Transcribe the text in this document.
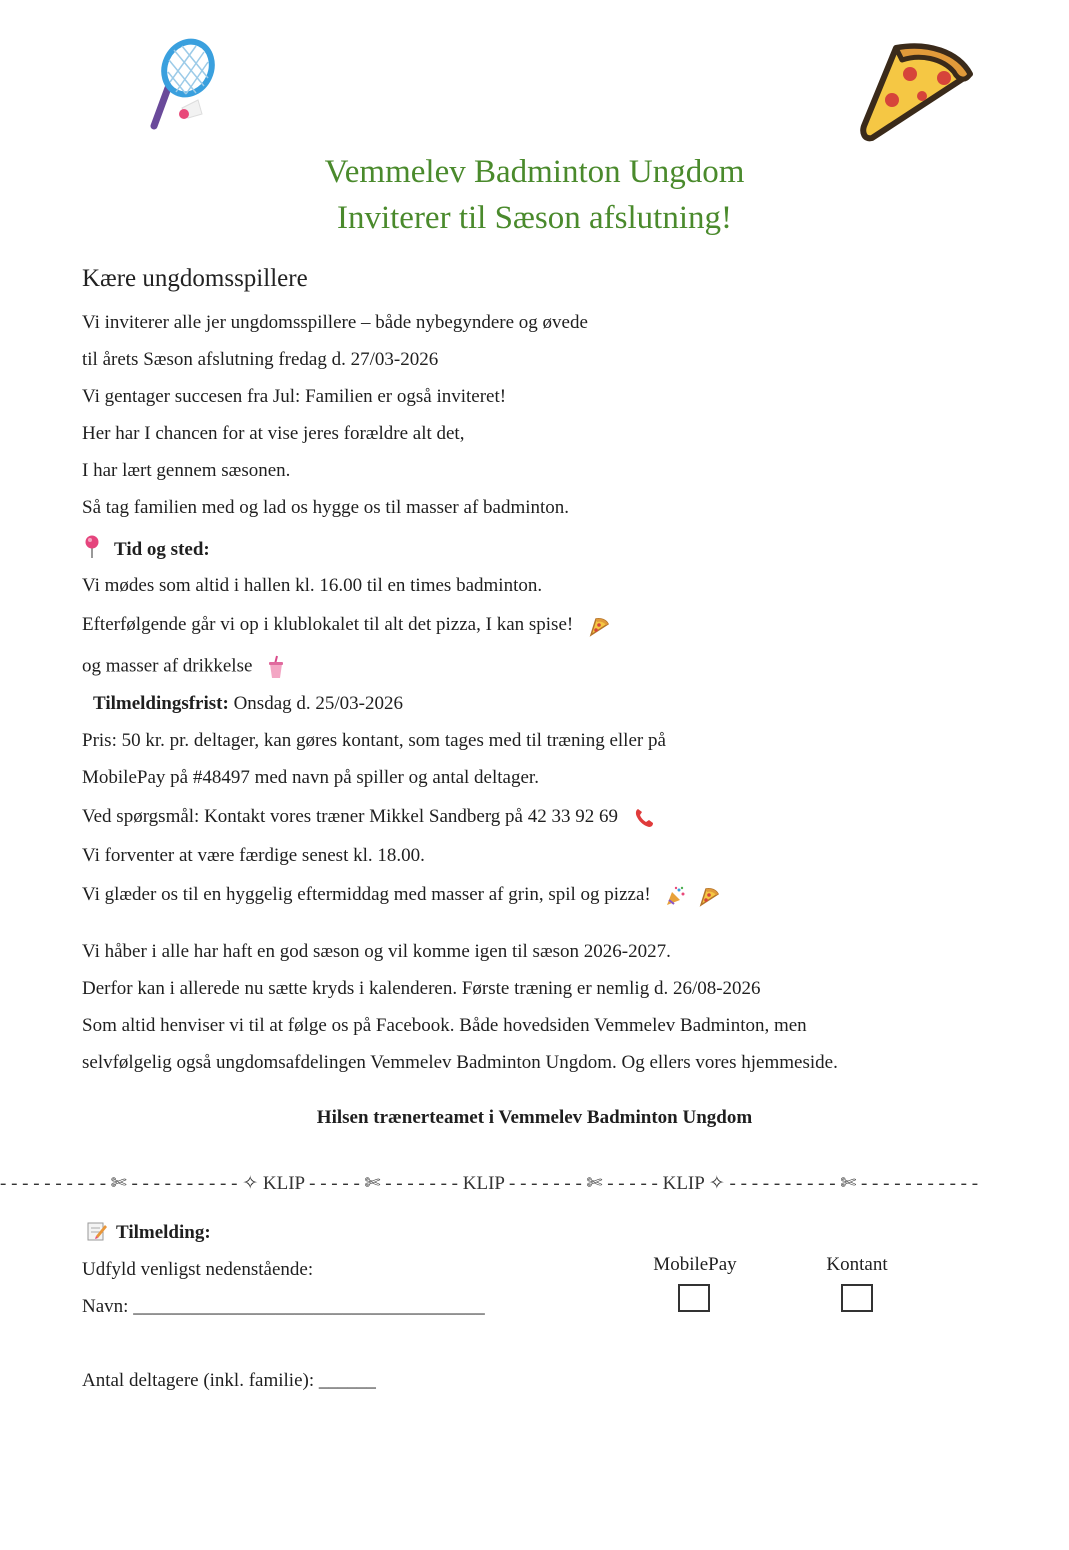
Vemmelev Badminton Ungdom
Inviterer til Sæson afslutning!
Kære ungdomsspillere
Vi inviterer alle jer ungdomsspillere – både nybegyndere og øvede
til årets Sæson afslutning fredag d. 27/03-2026
Vi gentager succesen fra Jul: Familien er også inviteret!
Her har I chancen for at vise jeres forældre alt det,
I har lært gennem sæsonen.
Så tag familien med og lad os hygge os til masser af badminton.
Tid og sted:
Vi mødes som altid i hallen kl. 16.00 til en times badminton.
Efterfølgende går vi op i klublokalet til alt det pizza, I kan spise!
og masser af drikkelse
Tilmeldingsfrist: Onsdag d. 25/03-2026
Pris: 50 kr. pr. deltager, kan gøres kontant, som tages med til træning eller på
MobilePay på #48497 med navn på spiller og antal deltager.
Ved spørgsmål: Kontakt vores træner Mikkel Sandberg på 42 33 92 69
Vi forventer at være færdige senest kl. 18.00.
Vi glæder os til en hyggelig eftermiddag med masser af grin, spil og pizza!
Vi håber i alle har haft en god sæson og vil komme igen til sæson 2026-2027.
Derfor kan i allerede nu sætte kryds i kalenderen. Første træning er nemlig d. 26/08-2026
Som altid henviser vi til at følge os på Facebook. Både hovedsiden Vemmelev Badminton, men
selvfølgelig også ungdomsafdelingen Vemmelev Badminton Ungdom. Og ellers vores hjemmeside.
Hilsen trænerteamet i Vemmelev Badminton Ungdom
- - - - - - - - - - ✄ - - - - - - - - - - ✧ KLIP - - - - - ✄ - - - - - - - KLIP - - - - - - - ✄ - - - - - KLIP ✧ - - - - - - - - - - ✄ - - - - - - - - - - -
Tilmelding:
Udfyld venligst nedenstående:
Navn: _____________________________________
Antal deltagere (inkl. familie): ______
MobilePay	Kontant
